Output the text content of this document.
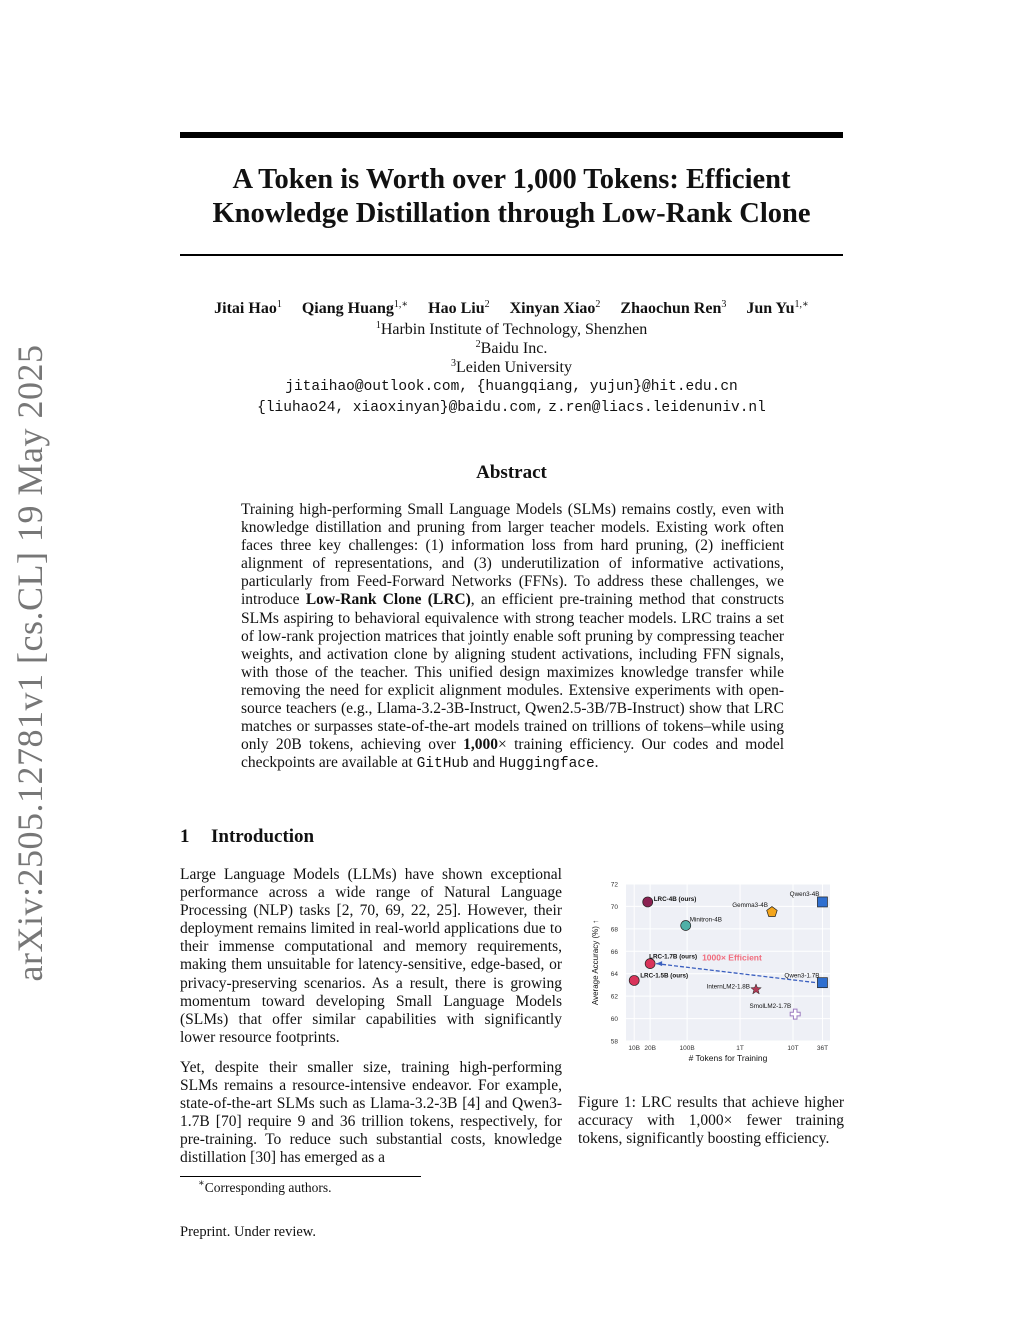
arXiv:2505.12781v1 [cs.CL] 19 May 2025
A Token is Worth over 1,000 Tokens: Efficient
Knowledge Distillation through Low-Rank Clone
Jitai Hao$^1$ Qiang Huang$^{1,∗}$ Hao Liu$^2$ Xinyan Xiao$^2$ Zhaochun Ren$^3$ Jun $Yu^{1,∗}$
$^1$Harbin Institute of Technology, Shenzhen
$^2$Baidu Inc.
$^3$Leiden University
jitaihao@outlook.com, {huangqiang, yujun}@hit.edu.cn
{liuhao24, xiaoxinyan}@baidu.com, z.ren@liacs.leidenuniv.nl
Abstract
Training high-performing Small Language Models (SLMs) remains costly, even with knowledge distillation and pruning from larger teacher models. Existing work often faces three key challenges: (1) information loss from hard pruning, (2) inefficient alignment of representations, and (3) underutilization of informative activations, particularly from Feed-Forward Networks (FFNs). To address these challenges, we introduce Low-Rank Clone (LRC), an efficient pre-training method that constructs SLMs aspiring to behavioral equivalence with strong teacher models. LRC trains a set of low-rank projection matrices that jointly enable soft pruning by compressing teacher weights, and activation clone by aligning student activations, including FFN signals, with those of the teacher. This unified design maximizes knowledge transfer while removing the need for explicit alignment modules. Extensive experiments with open-source teachers (e.g., Llama-3.2-3B-Instruct, Qwen2.5-3B/7B-Instruct) show that LRC matches or surpasses state-of-the-art models trained on trillions of tokens–while using only 20B tokens, achieving over 1,000× training efficiency. Our codes and model checkpoints are available at GitHub and Huggingface.
1 Introduction
Large Language Models (LLMs) have shown exceptional performance across a wide range of Natural Language Processing (NLP) tasks [2, 70, 69, 22, 25]. However, their deployment remains limited in real-world applications due to their immense computational and memory requirements, making them unsuitable for latency-sensitive, edge-based, or privacy-preserving scenarios. As a result, there is growing momentum toward developing Small Language Models (SLMs) that offer similar capabilities with significantly lower resource footprints.
Yet, despite their smaller size, training high-performing SLMs remains a resource-intensive endeavor. For example, state-of-the-art SLMs such as Llama-3.2-3B [4] and Qwen3-1.7B [70] require 9 and 36 trillion tokens, respectively, for pre-training. To reduce such substantial costs, knowledge distillation [30] has emerged as a
58
60
62
64
66
68
70
72
10B 20B	100B	1T	10T	36T
# Tokens for Training
Average Accuracy (%) ↑	1000× Efficient
LRC-4B (ours)
Qwen3-4B
Gemma3-4B
Minitron-4B
LRC-1.7B (ours)
LRC-1.5B (ours)
InternLM2-1.8B
Qwen3-1.7B
SmolLM2-1.7B
Figure 1: LRC results that achieve higher accuracy with 1,000× fewer training tokens, significantly boosting efficiency.
∗Corresponding authors.
Preprint. Under review.
